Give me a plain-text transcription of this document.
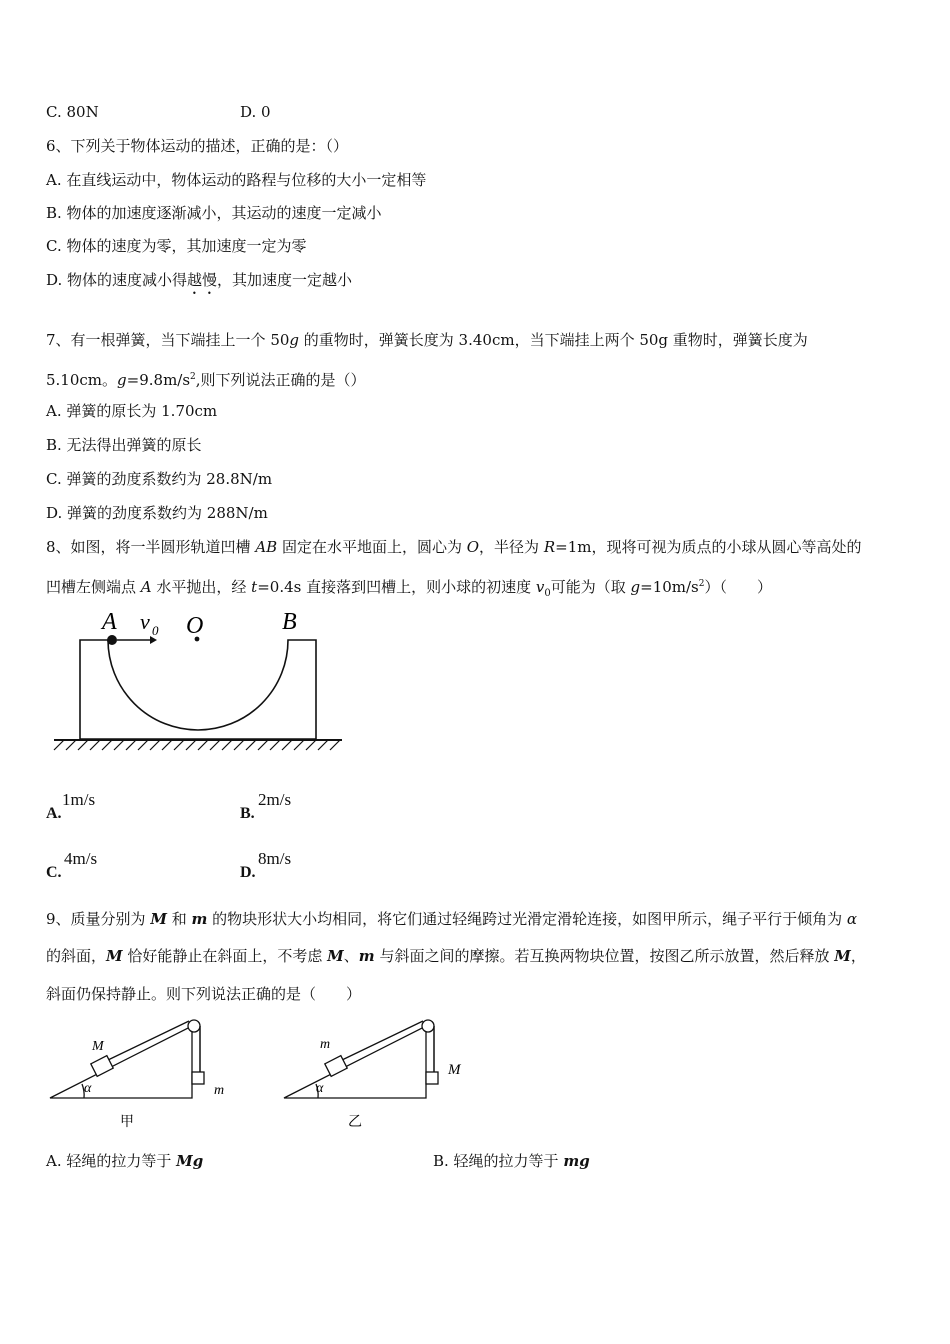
C. 80N	D. 0
6、下列关于物体运动的描述，正确的是：（）
A. 在直线运动中，物体运动的路程与位移的大小一定相等
B. 物体的加速度逐渐减小，其运动的速度一定减小
C. 物体的速度为零，其加速度一定为零
D. 物体的速度减小得越慢，其加速度一定越小
7、有一根弹簧，当下端挂上一个 50g 的重物时，弹簧长度为 3.40cm，当下端挂上两个 50g 重物时，弹簧长度为
5.10cm。$g=9.8m/s^2$,则下列说法正确的是（）
A. 弹簧的原长为 1.70cm
B. 无法得出弹簧的原长
C. 弹簧的劲度系数约为 28.8N/m
D. 弹簧的劲度系数约为 288N/m
8、如图，将一半圆形轨道凹槽 AB 固定在水平地面上，圆心为 O，半径为 R=1m，现将可视为质点的小球从圆心等高处的
凹槽左侧端点 A 水平抛出，经 t=0.4s 直接落到凹槽上，则小球的初速度 $v_0$可能为（取 $g=10m/s^2$）（　　）
A v 0 O	B
A.
1m/s
B.
2m/s
C.
4m/s
D.
8m/s
9、质量分别为 M 和 m 的物块形状大小均相同，将它们通过轻绳跨过光滑定滑轮连接，如图甲所示，绳子平行于倾角为 α
的斜面，M 恰好能静止在斜面上，不考虑 M、m 与斜面之间的摩擦。若互换两物块位置，按图乙所示放置，然后释放 M，
斜面仍保持静止。则下列说法正确的是（　　）
M
m
α
甲
m
M
α
乙
A. 轻绳的拉力等于 Mg	B. 轻绳的拉力等于 mg
